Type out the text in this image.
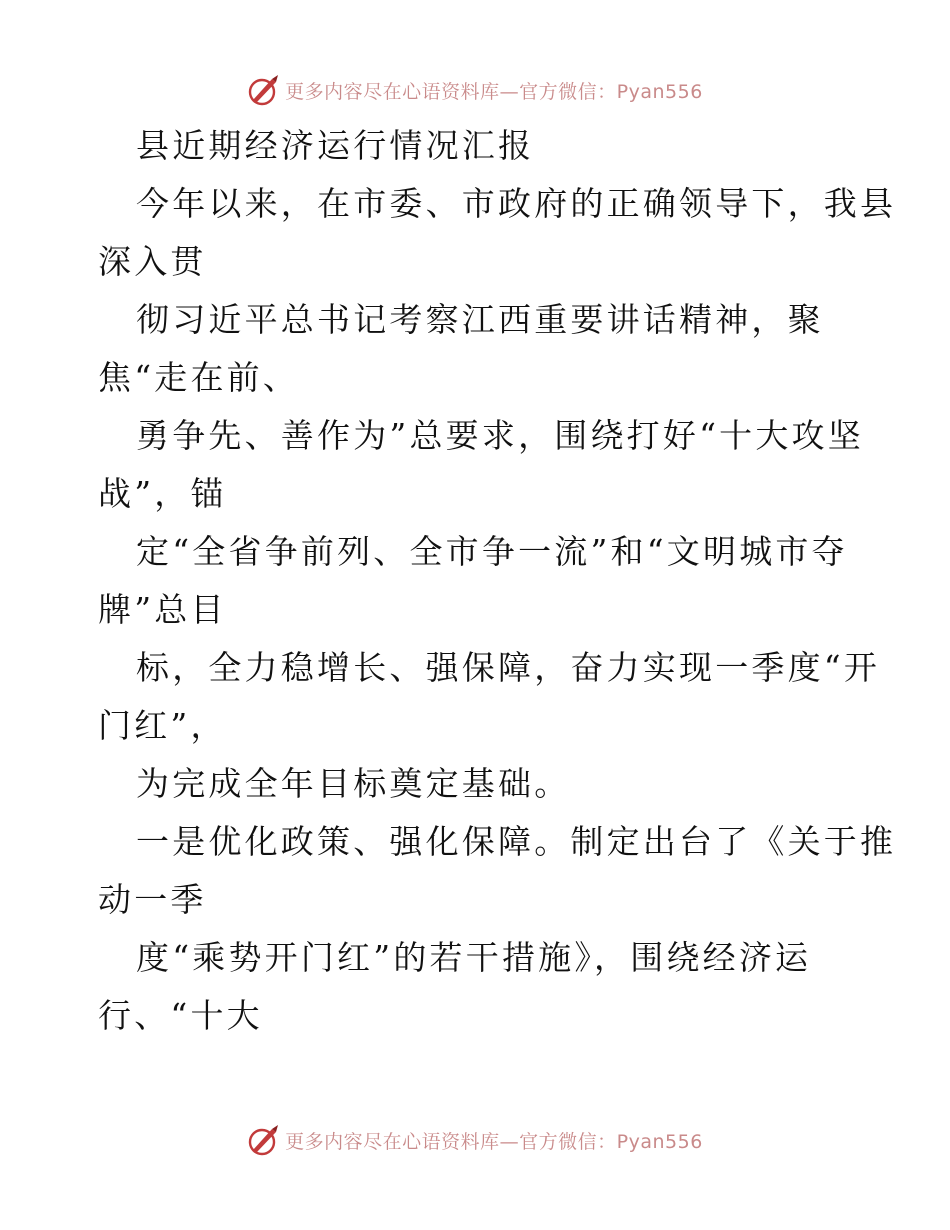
更多内容尽在心语资料库—官方微信：Pyan556
县近期经济运行情况汇报
今年以来，在市委、市政府的正确领导下，我县
深入贯
彻习近平总书记考察江西重要讲话精神，聚
焦“走在前、
勇争先、善作为”总要求，围绕打好“十大攻坚
战”，锚
定“全省争前列、全市争一流”和“文明城市夺
牌”总目
标，全力稳增长、强保障，奋力实现一季度“开
门红”，
为完成全年目标奠定基础。
一是优化政策、强化保障。制定出台了《关于推
动一季
度“乘势开门红”的若干措施》，围绕经济运
行、“十大
更多内容尽在心语资料库—官方微信：Pyan556
